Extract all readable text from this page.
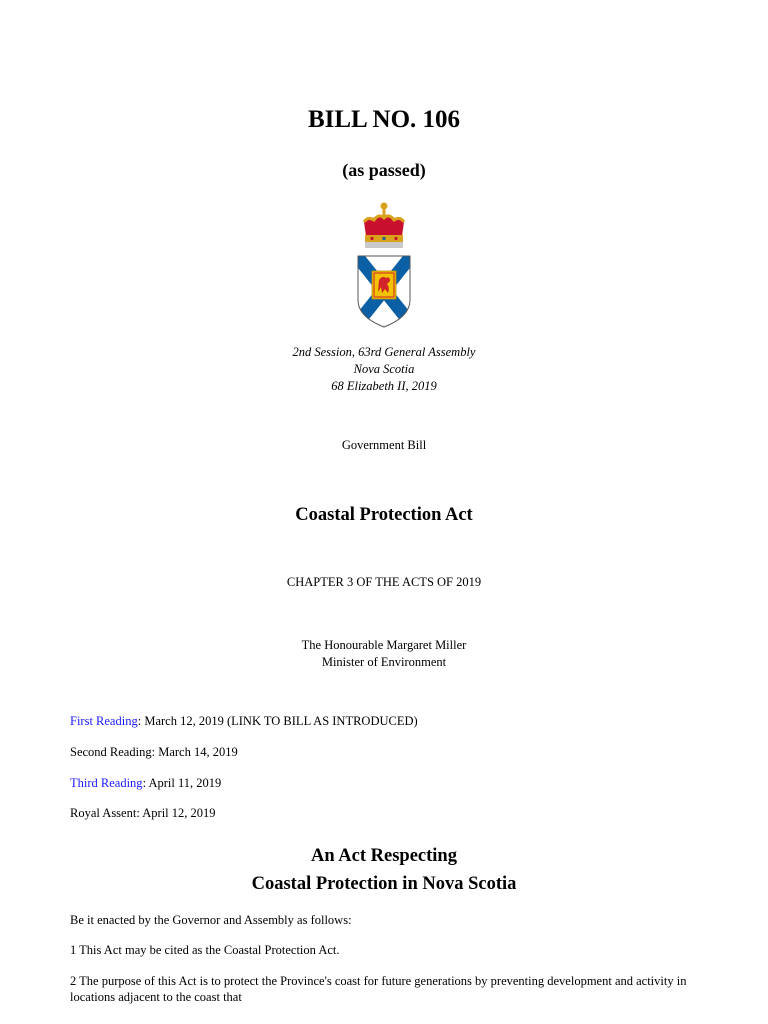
BILL NO. 106
(as passed)
2nd Session, 63rd General Assembly
Nova Scotia
68 Elizabeth II, 2019
Government Bill
Coastal Protection Act
CHAPTER 3 OF THE ACTS OF 2019
The Honourable Margaret Miller
Minister of Environment
First Reading: March 12, 2019 (LINK TO BILL AS INTRODUCED)
Second Reading: March 14, 2019
Third Reading: April 11, 2019
Royal Assent: April 12, 2019
An Act Respecting
Coastal Protection in Nova Scotia
Be it enacted by the Governor and Assembly as follows:
1 This Act may be cited as the Coastal Protection Act.
2 The purpose of this Act is to protect the Province's coast for future generations by preventing development and activity in locations adjacent to the coast that
